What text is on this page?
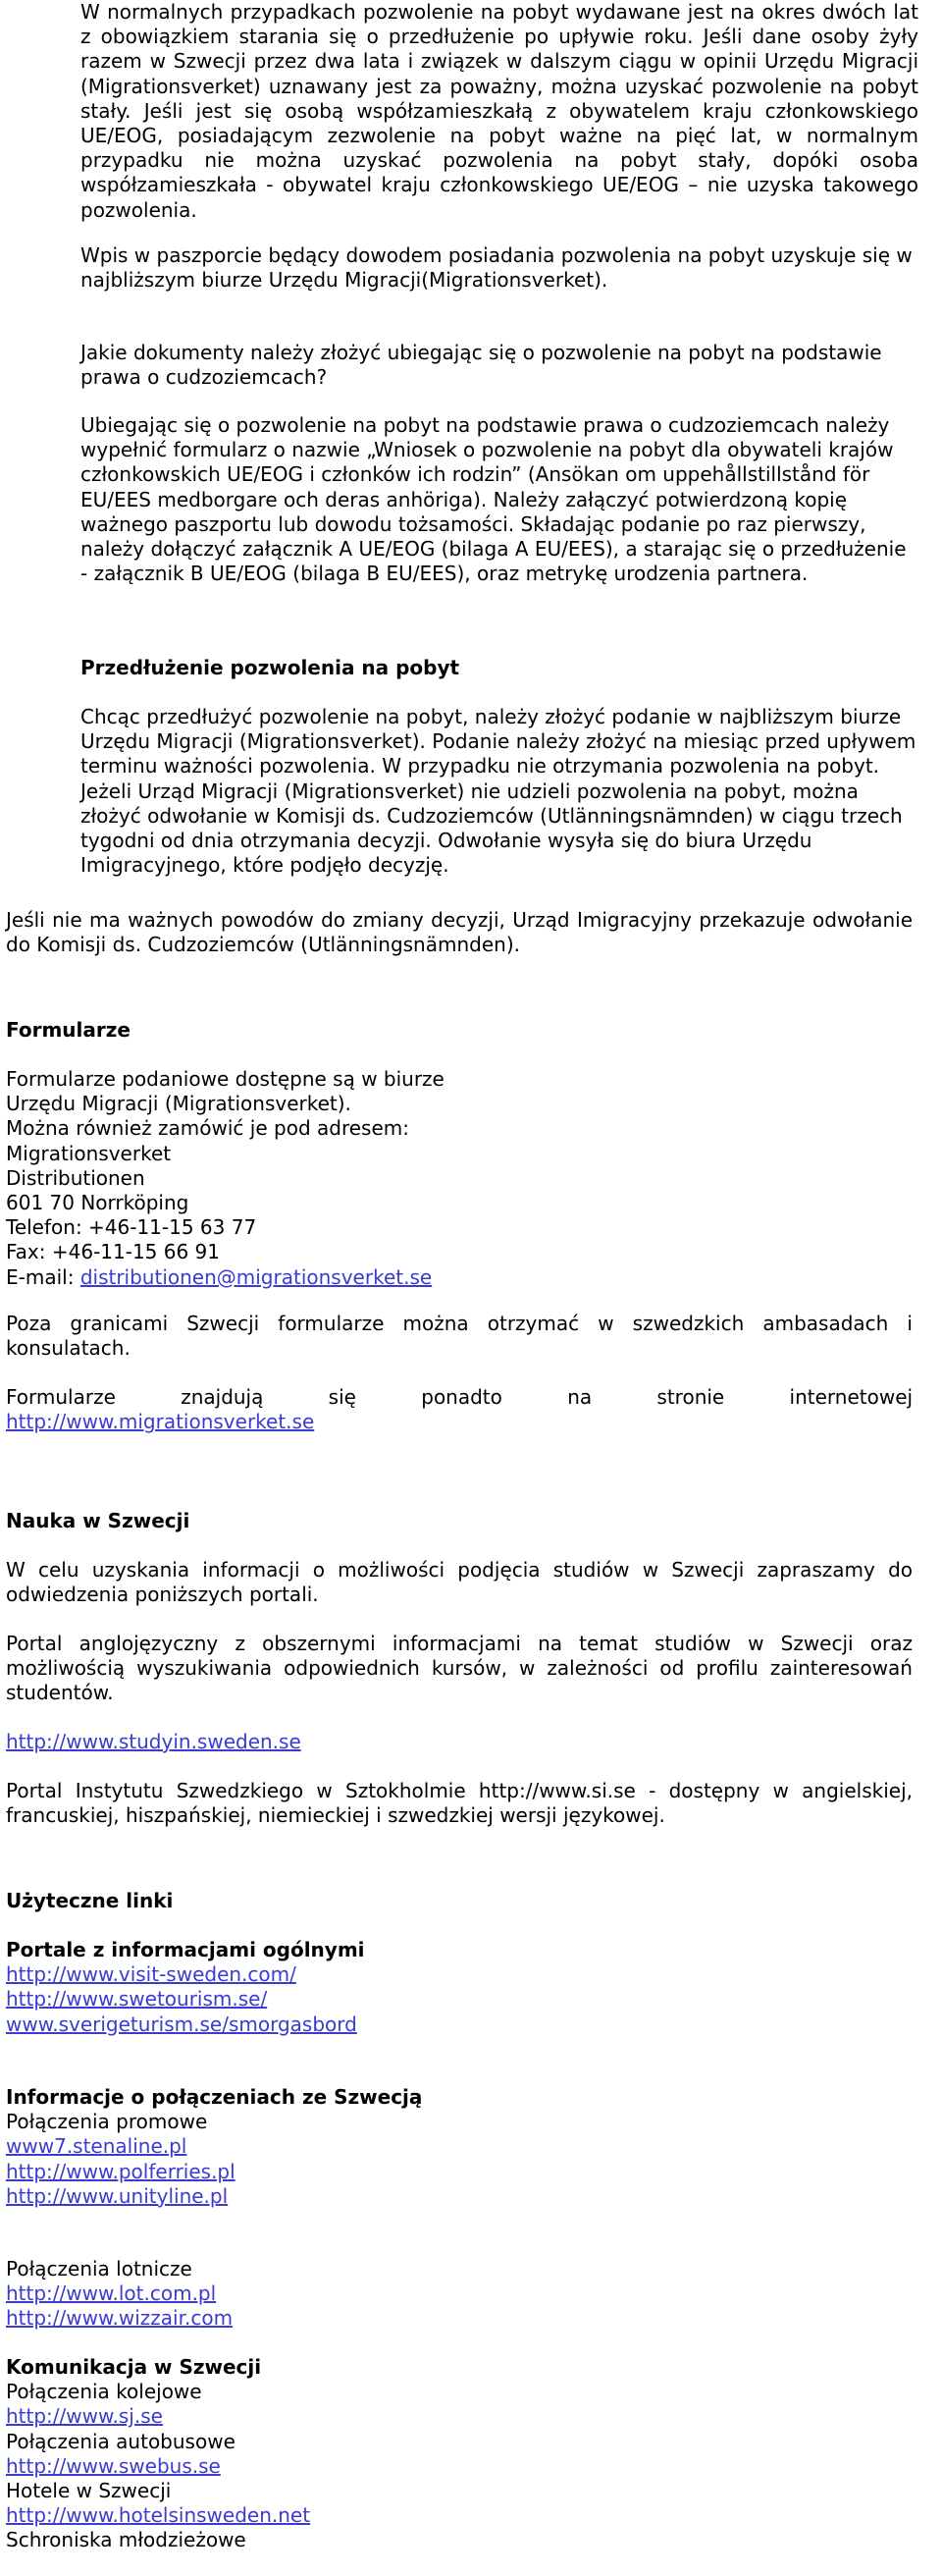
W normalnych przypadkach pozwolenie na pobyt wydawane jest na okres dwóch lat z obowiązkiem starania się o przedłużenie po upływie roku. Jeśli dane osoby żyły razem w Szwecji przez dwa lata i związek w dalszym ciągu w opinii Urzędu Migracji (Migrationsverket) uznawany jest za poważny, można uzyskać pozwolenie na pobyt stały. Jeśli jest się osobą współzamieszkałą z obywatelem kraju członkowskiego UE/EOG, posiadającym zezwolenie na pobyt ważne na pięć lat, w normalnym przypadku nie można uzyskać pozwolenia na pobyt stały, dopóki osoba współzamieszkała - obywatel kraju członkowskiego UE/EOG – nie uzyska takowego pozwolenia.

Wpis w paszporcie będący dowodem posiadania pozwolenia na pobyt uzyskuje się w najbliższym biurze Urzędu Migracji(Migrationsverket).

Jakie dokumenty należy złożyć ubiegając się o pozwolenie na pobyt na podstawie prawa o cudzoziemcach?

Ubiegając się o pozwolenie na pobyt na podstawie prawa o cudzoziemcach należy wypełnić formularz o nazwie „Wniosek o pozwolenie na pobyt dla obywateli krajów członkowskich UE/EOG i członków ich rodzin” (Ansökan om uppehållstillstånd för EU/EES medborgare och deras anhöriga). Należy załączyć potwierdzoną kopię ważnego paszportu lub dowodu tożsamości. Składając podanie po raz pierwszy, należy dołączyć załącznik A UE/EOG (bilaga A EU/EES), a starając się o przedłużenie - załącznik B UE/EOG (bilaga B EU/EES), oraz metrykę urodzenia partnera.

Przedłużenie pozwolenia na pobyt

Chcąc przedłużyć pozwolenie na pobyt, należy złożyć podanie w najbliższym biurze Urzędu Migracji (Migrationsverket). Podanie należy złożyć na miesiąc przed upływem terminu ważności pozwolenia. W przypadku nie otrzymania pozwolenia na pobyt. Jeżeli Urząd Migracji (Migrationsverket) nie udzieli pozwolenia na pobyt, można złożyć odwołanie w Komisji ds. Cudzoziemców (Utlänningsnämnden) w ciągu trzech tygodni od dnia otrzymania decyzji. Odwołanie wysyła się do biura Urzędu Imigracyjnego, które podjęło decyzję.

Jeśli nie ma ważnych powodów do zmiany decyzji, Urząd Imigracyjny przekazuje odwołanie do Komisji ds. Cudzoziemców (Utlänningsnämnden).

Formularze

Formularze podaniowe dostępne są w biurze
Urzędu Migracji (Migrationsverket).
Można również zamówić je pod adresem:
Migrationsverket
Distributionen
601 70 Norrköping
Telefon: +46-11-15 63 77
Fax: +46-11-15 66 91
E-mail: distributionen@migrationsverket.se

Poza granicami Szwecji formularze można otrzymać w szwedzkich ambasadach i konsulatach.

Formularze	znajdują	się	ponadto	na	stronie	internetowej
http://www.migrationsverket.se

Nauka w Szwecji

W celu uzyskania informacji o możliwości podjęcia studiów w Szwecji zapraszamy do odwiedzenia poniższych portali.

Portal anglojęzyczny z obszernymi informacjami na temat studiów w Szwecji oraz możliwością wyszukiwania odpowiednich kursów, w zależności od profilu zainteresowań studentów.

http://www.studyin.sweden.se

Portal Instytutu Szwedzkiego w Sztokholmie http://www.si.se - dostępny w angielskiej, francuskiej, hiszpańskiej, niemieckiej i szwedzkiej wersji językowej.

Użyteczne linki

Portale z informacjami ogólnymi
http://www.visit-sweden.com/
http://www.swetourism.se/
www.sverigeturism.se/smorgasbord
Informacje o połączeniach ze Szwecją
Połączenia promowe
www7.stenaline.pl
http://www.polferries.pl
http://www.unityline.pl
Połączenia lotnicze
http://www.lot.com.pl
http://www.wizzair.com
Komunikacja w Szwecji
Połączenia kolejowe
http://www.sj.se
Połączenia autobusowe
http://www.swebus.se
Hotele w Szwecji
http://www.hotelsinsweden.net
Schroniska młodzieżowe
